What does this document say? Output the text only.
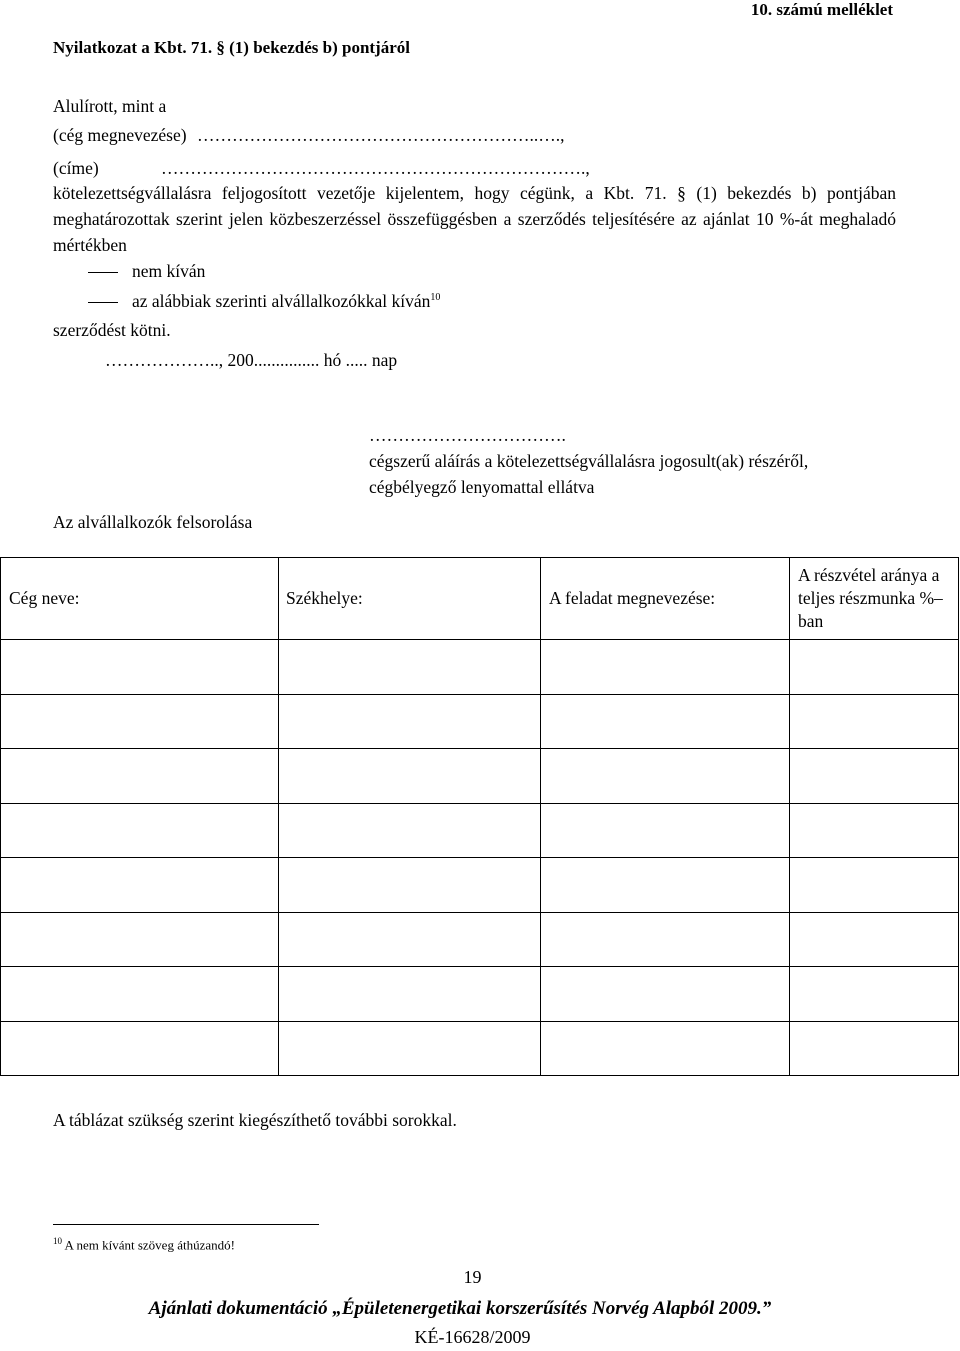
10. számú melléklet
Nyilatkozat a Kbt. 71. § (1) bekezdés b) pontjáról
Alulírott, mint a
(cég megnevezése) …………………………………………………..….,
(címe)	……………………………………………………………….,
kötelezettségvállalásra feljogosított vezetője kijelentem, hogy cégünk, a Kbt. 71. § (1) bekezdés b) pontjában meghatározottak szerint jelen közbeszerzéssel összefüggésben a szerződés teljesítésére az ajánlat 10 %-át meghaladó mértékben
nem kíván
az alábbiak szerinti alvállalkozókkal kíván$^{10}$
szerződést kötni.
……………….., 200............... hó ..... nap
…………………………….
cégszerű aláírás a kötelezettségvállalásra jogosult(ak) részéről,
cégbélyegző lenyomattal ellátva
Az alvállalkozók felsorolása
Cég neve:	Székhelye:	A feladat megnevezése:	A részvétel aránya a teljes részmunka %–ban

A táblázat szükség szerint kiegészíthető további sorokkal.
$^{10}$ A nem kívánt szöveg áthúzandó!
19
Ajánlati dokumentáció „Épületenergetikai korszerűsítés Norvég Alapból 2009.”
KÉ-16628/2009
